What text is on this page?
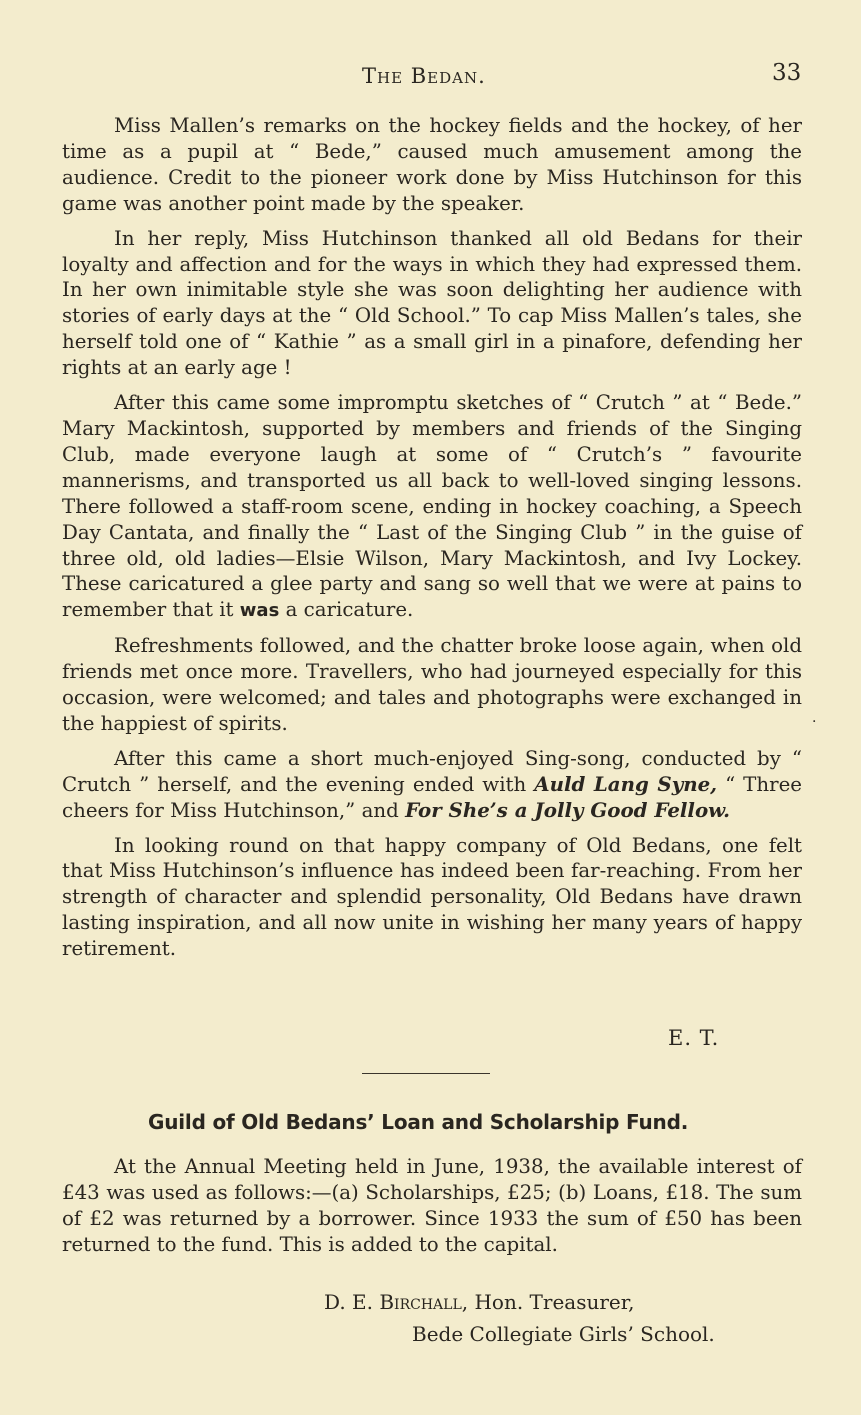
The Bedan.	33

Miss Mallen’s remarks on the hockey fields and the hockey, of her time as a pupil at “ Bede,” caused much amusement among the audience. Credit to the pioneer work done by Miss Hutchinson for this game was another point made by the speaker.

In her reply, Miss Hutchinson thanked all old Bedans for their loyalty and affection and for the ways in which they had expressed them. In her own inimitable style she was soon delighting her audience with stories of early days at the “ Old School.” To cap Miss Mallen’s tales, she herself told one of “ Kathie ” as a small girl in a pinafore, defending her rights at an early age !

After this came some impromptu sketches of “ Crutch ” at “ Bede.” Mary Mackintosh, supported by members and friends of the Singing Club, made everyone laugh at some of “ Crutch’s ” favourite mannerisms, and transported us all back to well-loved singing lessons. There followed a staff-room scene, ending in hockey coaching, a Speech Day Cantata, and finally the “ Last of the Singing Club ” in the guise of three old, old ladies—Elsie Wilson, Mary Mackintosh, and Ivy Lockey. These caricatured a glee party and sang so well that we were at pains to remember that it was a caricature.

Refreshments followed, and the chatter broke loose again, when old friends met once more. Travellers, who had journeyed especially for this occasion, were welcomed; and tales and photographs were exchanged in the happiest of spirits.

After this came a short much-enjoyed Sing-song, conducted by “ Crutch ” herself, and the evening ended with Auld Lang Syne, “ Three cheers for Miss Hutchinson,” and For She’s a Jolly Good Fellow.

In looking round on that happy company of Old Bedans, one felt that Miss Hutchinson’s influence has indeed been far-reaching. From her strength of character and splendid personality, Old Bedans have drawn lasting inspiration, and all now unite in wishing her many years of happy retirement.

E. T.
Guild of Old Bedans’ Loan and Scholarship Fund.

At the Annual Meeting held in June, 1938, the available interest of £43 was used as follows:—(a) Scholarships, £25; (b) Loans, £18. The sum of £2 was returned by a borrower. Since 1933 the sum of £50 has been returned to the fund. This is added to the capital.

D. E. Birchall, Hon. Treasurer,
Bede Collegiate Girls’ School.
·
